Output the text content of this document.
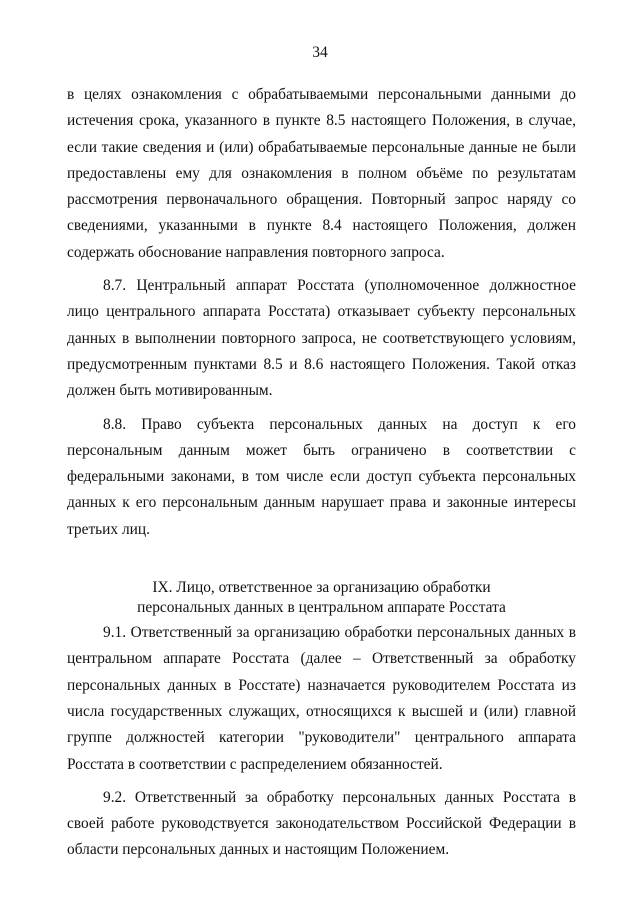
34

в целях ознакомления с обрабатываемыми персональными данными до истечения срока, указанного в пункте 8.5 настоящего Положения, в случае, если такие сведения и (или) обрабатываемые персональные данные не были предоставлены ему для ознакомления в полном объёме по результатам рассмотрения первоначального обращения. Повторный запрос наряду со сведениями, указанными в пункте 8.4 настоящего Положения, должен содержать обоснование направления повторного запроса.

8.7. Центральный аппарат Росстата (уполномоченное должностное лицо центрального аппарата Росстата) отказывает субъекту персональных данных в выполнении повторного запроса, не соответствующего условиям, предусмотренным пунктами 8.5 и 8.6 настоящего Положения. Такой отказ должен быть мотивированным.

8.8. Право субъекта персональных данных на доступ к его персональным данным может быть ограничено в соответствии с федеральными законами, в том числе если доступ субъекта персональных данных к его персональным данным нарушает права и законные интересы третьих лиц.

IX. Лицо, ответственное за организацию обработки
персональных данных в центральном аппарате Росстата

9.1. Ответственный за организацию обработки персональных данных в центральном аппарате Росстата (далее – Ответственный за обработку персональных данных в Росстате) назначается руководителем Росстата из числа государственных служащих, относящихся к высшей и (или) главной группе должностей категории "руководители" центрального аппарата Росстата в соответствии с распределением обязанностей.

9.2. Ответственный за обработку персональных данных Росстата в своей работе руководствуется законодательством Российской Федерации в области персональных данных и настоящим Положением.
